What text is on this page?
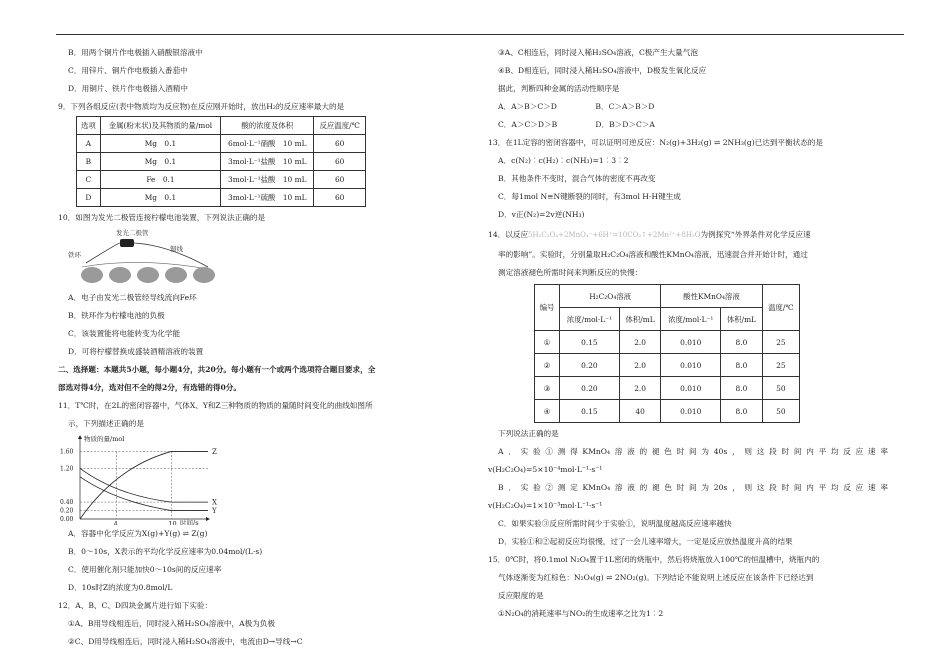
B．用两个铜片作电极插入硝酸银溶液中
C．用锌片、铜片作电极插入番茄中
D．用铜片、铁片作电极插入酒精中
9．下列各组反应(表中物质均为反应物)在反应刚开始时，放出H₂的反应速率最大的是
选项	金属(粉末状)及其物质的量/mol	酸的浓度及体积	反应温度/℃
A	Mg　0.1	6mol·L⁻¹硝酸　10 mL	60
B	Mg　0.1	3mol·L⁻¹盐酸　10 mL	60
C	Fe　0.1	3mol·L⁻¹盐酸　10 mL	60
D	Mg　0.1	3mol·L⁻¹硫酸　10 mL	60
10．如图为发光二极管连接柠檬电池装置，下列说法正确的是
发光二极管
铁环
铜线
A．电子由发光二极管经导线流向Fe环
B．铁环作为柠檬电池的负极
C．该装置能将电能转变为化学能
D．可将柠檬替换成盛装酒精溶液的装置
二、选择题：本题共5小题，每小题4分，共20分。每小题有一个或两个选项符合题目要求，全
部选对得4分，选对但不全的得2分，有选错的得0分。
11．T℃时，在2L的密闭容器中，气体X、Y和Z三种物质的物质的量随时间变化的曲线如图所
示，下列描述正确的是
物质的量/mol
时间/s
1.60
1.20
0.40
0.20
0.00
4	10
Z
X
Y
A．容器中化学反应为X(g)+Y(g) ⇌ Z(g)
B．0～10s，X表示的平均化学反应速率为0.04mol/(L·s)
C．使用催化剂只能加快0～10s间的反应速率
D．10s时Z的浓度为0.8mol/L
12．A、B、C、D四块金属片进行如下实验：
①A、B用导线相连后，同时浸入稀H₂SO₄溶液中，A极为负极
②C、D用导线相连后，同时浸入稀H₂SO₄溶液中，电流由D→导线→C
③A、C相连后，同时浸入稀H₂SO₄溶液，C极产生大量气泡
④B、D相连后，同时浸入稀H₂SO₄溶液中，D极发生氧化反应
据此，判断四种金属的活动性顺序是
A．A＞B＞C＞D	B．C＞A＞B＞D
C．A＞C＞D＞B	D．B＞D＞C＞A
13．在1L定容的密闭容器中，可以证明可逆反应：N₂(g)+3H₂(g) ⇌ 2NH₃(g)已达到平衡状态的是
A．c(N₂)︰c(H₂)︰c(NH₃)=1︰3︰2
B．其他条件不变时，混合气体的密度不再改变
C．每1mol N≡N键断裂的同时，有3mol H-H键生成
D．v正(N₂)=2v逆(NH₃)
14．以反应5H₂C₂O₄+2MnO₄⁻+6H⁺=10CO₂↑+2Mn²⁺+8H₂O为例探究“外界条件对化学反应速
率的影响”。实验时，分别量取H₂C₂O₄溶液和酸性KMnO₄溶液，迅速混合并开始计时，通过
测定溶液褪色所需时间来判断反应的快慢：
编号	H₂C₂O₄溶液		酸性KMnO₄溶液		温度/℃
	浓度/mol·L⁻¹	体积/mL	浓度/mol·L⁻¹	体积/mL	
①	0.15	2.0	0.010	8.0	25
②	0.20	2.0	0.010	8.0	25
③	0.20	2.0	0.010	8.0	50
④	0.15	40	0.010	8.0	50
下列说法正确的是
A．实验①测得KMnO₄溶液的褪色时间为40s，则这段时间内平均反应速率
v(H₂C₂O₄)=5×10⁻⁴mol·L⁻¹·s⁻¹
B．实验②测定KMnO₄溶液的褪色时间为20s，则这段时间内平均反应速率
v(H₂C₂O₄)=1×10⁻³mol·L⁻¹·s⁻¹
C．如果实验③反应所需时间少于实验①，说明温度越高反应速率越快
D．实验①和②起初反应均很慢，过了一会儿速率增大，一定是反应放热温度升高的结果
15．0℃时，将0.1mol N₂O₄置于1L密闭的烧瓶中，然后将烧瓶放入100℃的恒温槽中，烧瓶内的
气体逐渐变为红棕色：N₂O₄(g) ⇌ 2NO₂(g)。下列结论不能说明上述反应在该条件下已经达到
反应限度的是
①N₂O₄的消耗速率与NO₂的生成速率之比为1︰2
